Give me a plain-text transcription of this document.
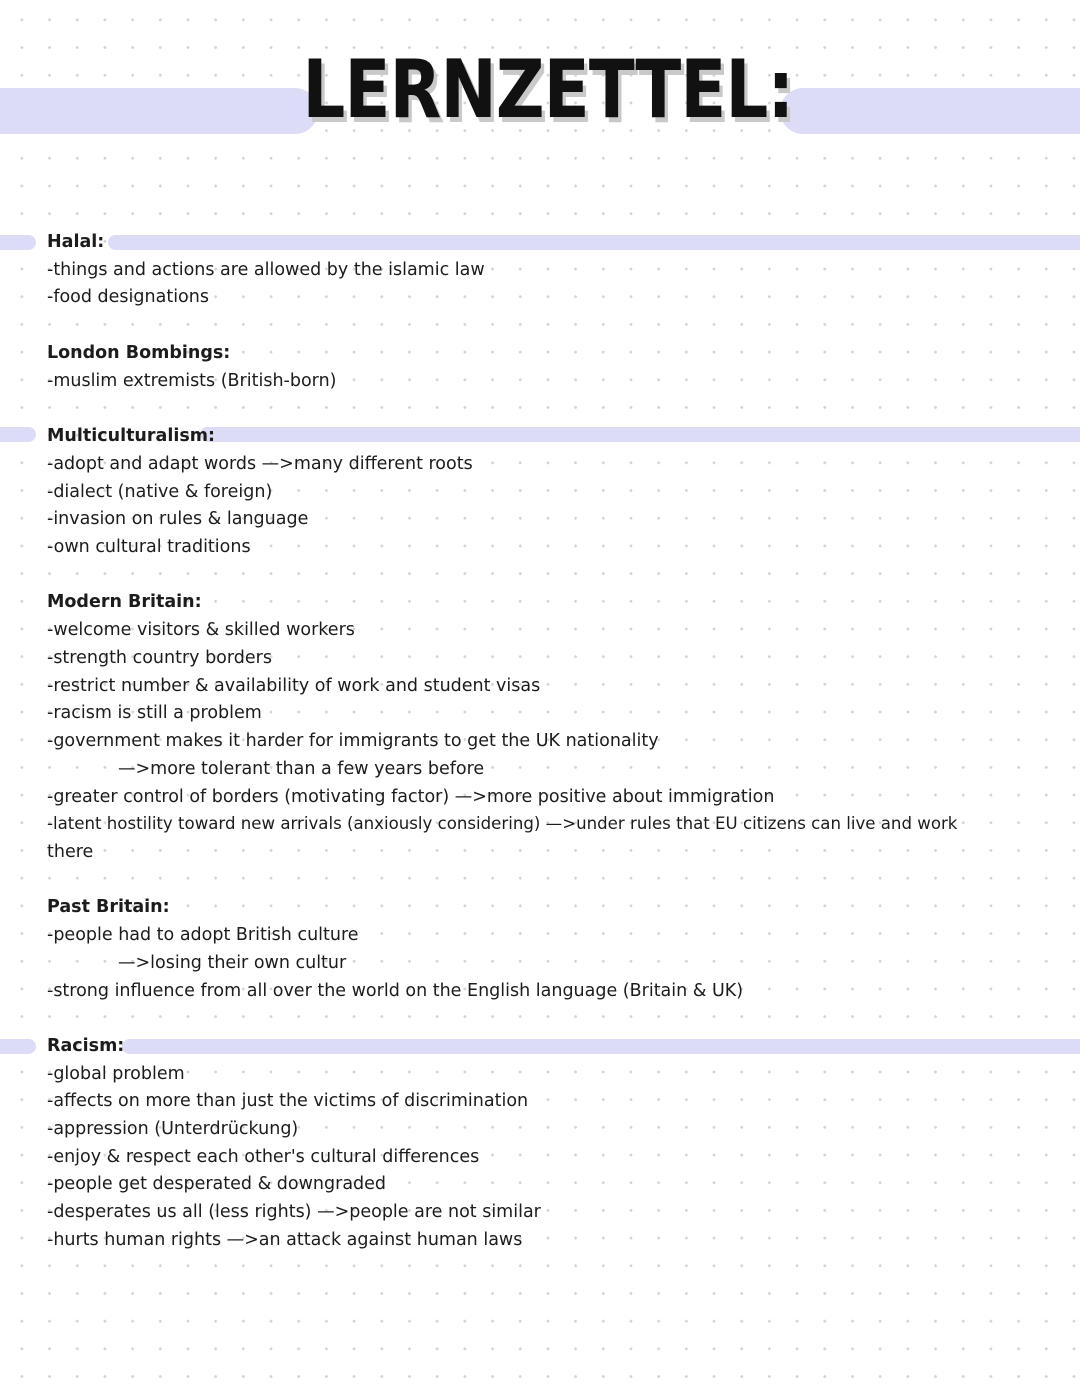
LERNZETTEL:
Halal:
-things and actions are allowed by the islamic law
-food designations
London Bombings:
-muslim extremists (British-born)
Multiculturalism:
-adopt and adapt words —>many different roots
-dialect (native & foreign)
-invasion on rules & language
-own cultural traditions
Modern Britain:
-welcome visitors & skilled workers
-strength country borders
-restrict number & availability of work and student visas
-racism is still a problem
-government makes it harder for immigrants to get the UK nationality
—>more tolerant than a few years before
-greater control of borders (motivating factor) —>more positive about immigration
-latent hostility toward new arrivals (anxiously considering) —>under rules that EU citizens can live and work
there
Past Britain:
-people had to adopt British culture
—>losing their own cultur
-strong influence from all over the world on the English language (Britain & UK)
Racism:
-global problem
-affects on more than just the victims of discrimination
-appression (Unterdrückung)
-enjoy & respect each other's cultural differences
-people get desperated & downgraded
-desperates us all (less rights) —>people are not similar
-hurts human rights —>an attack against human laws
